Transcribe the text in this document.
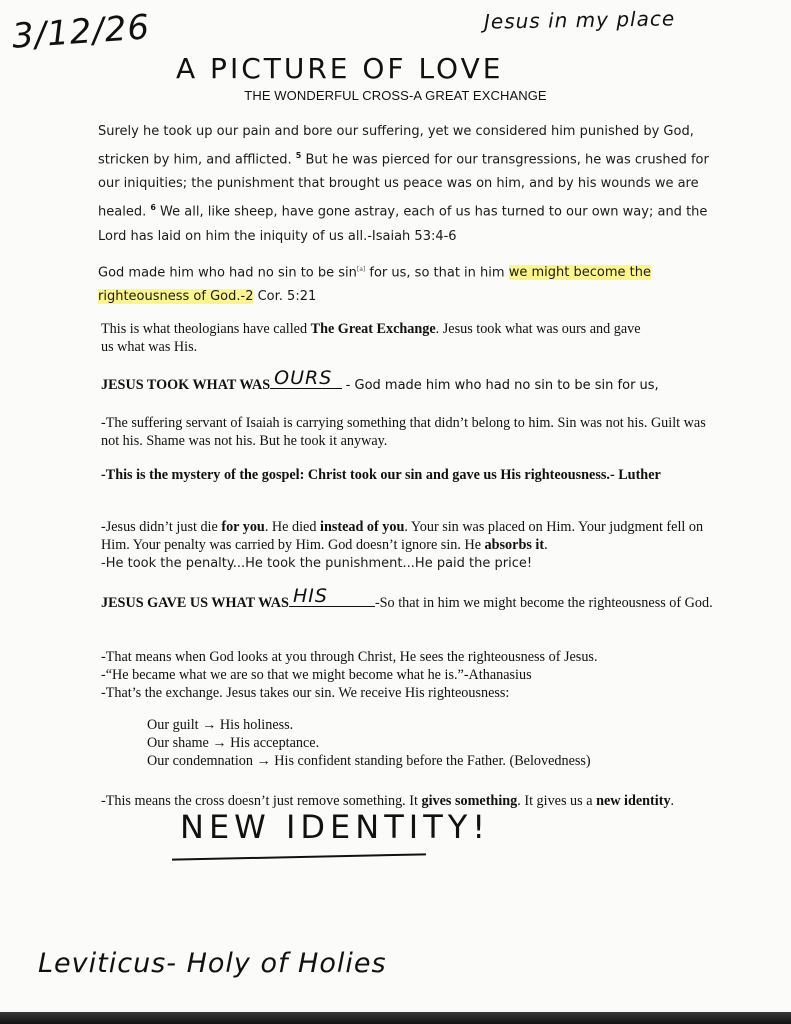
3/12/26	Jesus in my place
A PICTURE OF LOVE
THE WONDERFUL CROSS-A GREAT EXCHANGE
Surely he took up our pain and bore our suffering, yet we considered him punished by God, stricken by him, and afflicted. $^5$ But he was pierced for our transgressions, he was crushed for our iniquities; the punishment that brought us peace was on him, and by his wounds we are healed. $^6$ We all, like sheep, have gone astray, each of us has turned to our own way; and the Lord has laid on him the iniquity of us all.-Isaiah 53:4-6
God made him who had no sin to be sin[a] for us, so that in him we might become the righteousness of God.-2 Cor. 5:21
This is what theologians have called The Great Exchange. Jesus took what was ours and gave us what was His.
JESUS TOOK WHAT WAS OURS - God made him who had no sin to be sin for us,
-The suffering servant of Isaiah is carrying something that didn’t belong to him. Sin was not his. Guilt was not his. Shame was not his. But he took it anyway.
-This is the mystery of the gospel: Christ took our sin and gave us His righteousness.- Luther
-Jesus didn’t just die for you. He died instead of you. Your sin was placed on Him. Your judgment fell on Him. Your penalty was carried by Him. God doesn’t ignore sin. He absorbs it.
-He took the penalty...He took the punishment...He paid the price!
JESUS GAVE US WHAT WAS HIS	-So that in him we might become the righteousness of God.
-That means when God looks at you through Christ, He sees the righteousness of Jesus.
-“He became what we are so that we might become what he is.”-Athanasius
-That’s the exchange. Jesus takes our sin. We receive His righteousness:
Our guilt → His holiness.
Our shame → His acceptance.
Our condemnation → His confident standing before the Father. (Belovedness)
-This means the cross doesn’t just remove something. It gives something. It gives us a new identity.
NEW IDENTITY!
Leviticus- Holy of Holies
